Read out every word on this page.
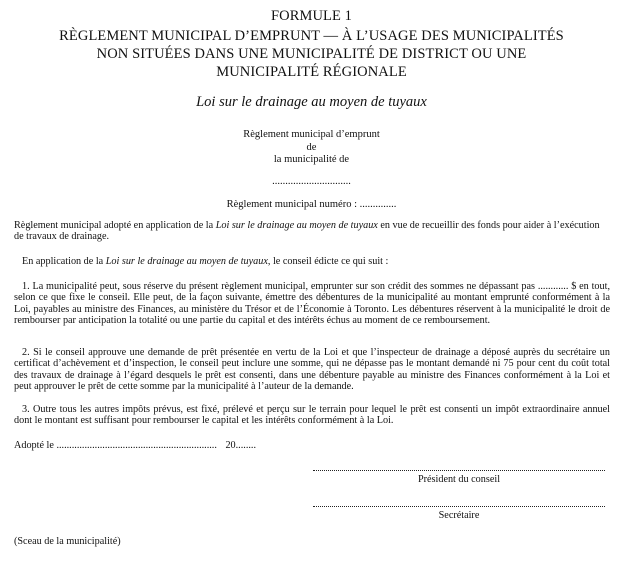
FORMULE 1
RÈGLEMENT MUNICIPAL D’EMPRUNT — À L’USAGE DES MUNICIPALITÉS
NON SITUÉES DANS UNE MUNICIPALITÉ DE DISTRICT OU UNE
MUNICIPALITÉ RÉGIONALE
Loi sur le drainage au moyen de tuyaux
Règlement municipal d’emprunt
de
la municipalité de
..............................
Règlement municipal numéro : ..............
Règlement municipal adopté en application de la Loi sur le drainage au moyen de tuyaux en vue de recueillir des fonds pour aider à l’exécution de travaux de drainage.
En application de la Loi sur le drainage au moyen de tuyaux, le conseil édicte ce qui suit :
1. La municipalité peut, sous réserve du présent règlement municipal, emprunter sur son crédit des sommes ne dépassant pas ............ $ en tout, selon ce que fixe le conseil. Elle peut, de la façon suivante, émettre des débentures de la municipalité au montant emprunté conformément à la Loi, payables au ministre des Finances, au ministère du Trésor et de l’Économie à Toronto. Les débentures réservent à la municipalité le droit de rembourser par anticipation la totalité ou une partie du capital et des intérêts échus au moment de ce remboursement.
2. Si le conseil approuve une demande de prêt présentée en vertu de la Loi et que l’inspecteur de drainage a déposé auprès du secrétaire un certificat d’achèvement et d’inspection, le conseil peut inclure une somme, qui ne dépasse pas le montant demandé ni 75 pour cent du coût total des travaux de drainage à l’égard desquels le prêt est consenti, dans une débenture payable au ministre des Finances conformément à la Loi et peut approuver le prêt de cette somme par la municipalité à l’auteur de la demande.
3. Outre tous les autres impôts prévus, est fixé, prélevé et perçu sur le terrain pour lequel le prêt est consenti un impôt extraordinaire annuel dont le montant est suffisant pour rembourser le capital et les intérêts conformément à la Loi.
Adopté le ............................................................... 20........
Président du conseil
Secrétaire
(Sceau de la municipalité)
